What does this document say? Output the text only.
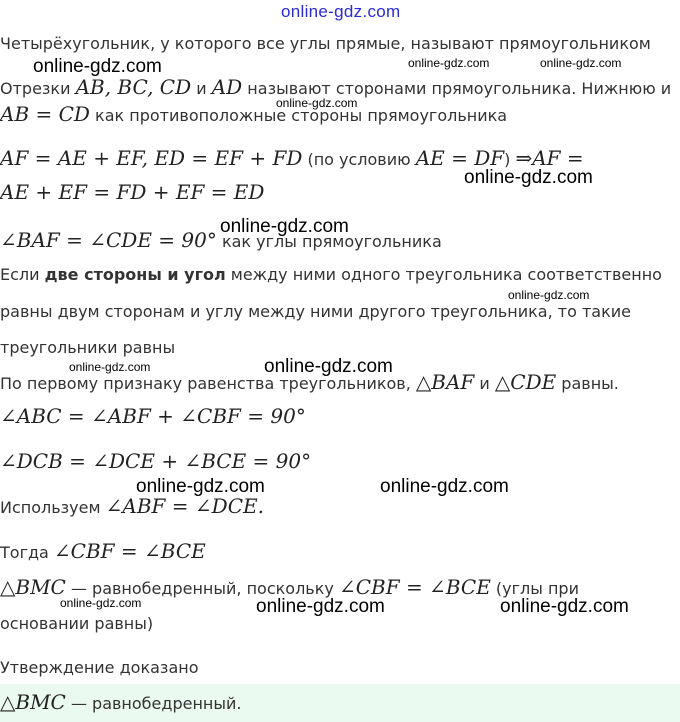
online-gdz.com
Четырёхугольник, у которого все углы прямые, называют прямоугольником
Отрезки AB, BC, CD и AD называют сторонами прямоугольника. Нижнюю и
AB = CD как противоположные стороны прямоугольника
AF = AE + EF, ED = EF + FD (по условию AE = DF) ⇒AF =
AE + EF = FD + EF = ED
∠BAF = ∠CDE = 90° как углы прямоугольника
Если две стороны и угол между ними одного треугольника соответственно
равны двум сторонам и углу между ними другого треугольника, то такие
треугольники равны
По первому признаку равенства треугольников, △BAF и △CDE равны.
∠ABC = ∠ABF + ∠CBF = 90°
∠DCB = ∠DCE + ∠BCE = 90°
Используем ∠ABF = ∠DCE.
Тогда ∠CBF = ∠BCE
△BMC — равнобедренный, поскольку ∠CBF = ∠BCE (углы при
основании равны)
Утверждение доказано
△BMC — равнобедренный.
online-gdz.com	online-gdz.com	online-gdz.com
online-gdz.com
online-gdz.com
online-gdz.com
online-gdz.com
online-gdz.com	online-gdz.com
online-gdz.com	online-gdz.com
online-gdz.com	online-gdz.com	online-gdz.com
